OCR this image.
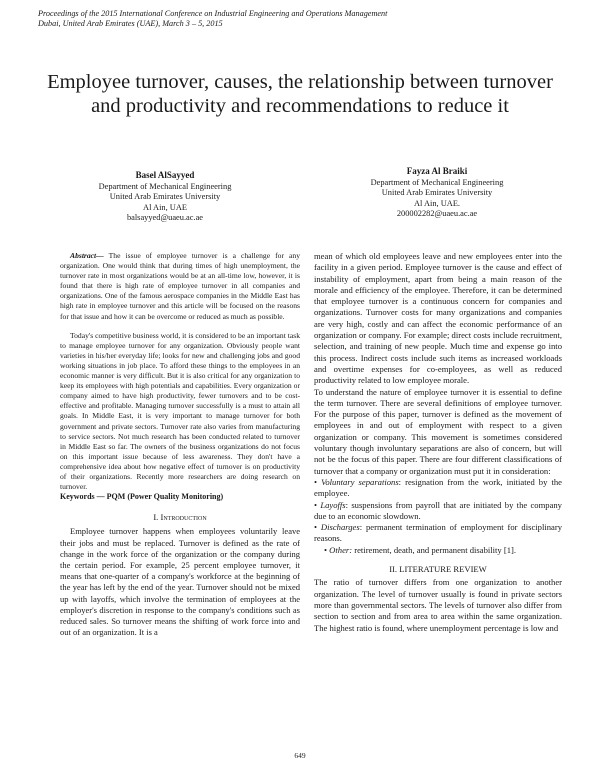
Proceedings of the 2015 International Conference on Industrial Engineering and Operations Management
Dubai, United Arab Emirates (UAE), March 3 – 5, 2015
Employee turnover, causes, the relationship between turnover and productivity and recommendations to reduce it
Basel AlSayyed
Department of Mechanical Engineering
United Arab Emirates University
Al Ain, UAE
balsayyed@uaeu.ac.ae
Fayza Al Braiki
Department of Mechanical Engineering
United Arab Emirates University
Al Ain, UAE.
200002282@uaeu.ac.ae

Abstract— The issue of employee turnover is a challenge for any organization. One would think that during times of high unemployment, the turnover rate in most organizations would be at an all-time low, however, it is found that there is high rate of employee turnover in all companies and organizations. One of the famous aerospace companies in the Middle East has high rate in employee turnover and this article will be focused on the reasons for that issue and how it can be overcome or reduced as much as possible.

Today's competitive business world, it is considered to be an important task to manage employee turnover for any organization. Obviously people want varieties in his/her everyday life; looks for new and challenging jobs and good working situations in job place. To afford these things to the employees in an economic manner is very difficult. But it is also critical for any organization to keep its employees with high potentials and capabilities. Every organization or company aimed to have high productivity, fewer turnovers and to be cost-effective and profitable. Managing turnover successfully is a must to attain all goals. In Middle East, it is very important to manage turnover for both government and private sectors. Turnover rate also varies from manufacturing to service sectors. Not much research has been conducted related to turnover in Middle East so far. The owners of the business organizations do not focus on this important issue because of less awareness. They don't have a comprehensive idea about how negative effect of turnover is on productivity of their organizations. Recently more researchers are doing research on turnover.

Keywords — PQM (Power Quality Monitoring)

I. Introduction

Employee turnover happens when employees voluntarily leave their jobs and must be replaced. Turnover is defined as the rate of change in the work force of the organization or the company during the certain period. For example, 25 percent employee turnover, it means that one-quarter of a company's workforce at the beginning of the year has left by the end of the year. Turnover should not be mixed up with layoffs, which involve the termination of employees at the employer's discretion in response to the company's conditions such as reduced sales. So turnover means the shifting of work force into and out of an organization. It is a

mean of which old employees leave and new employees enter into the facility in a given period. Employee turnover is the cause and effect of instability of employment, apart from being a main reason of the morale and efficiency of the employee. Therefore, it can be determined that employee turnover is a continuous concern for companies and organizations. Turnover costs for many organizations and companies are very high, costly and can affect the economic performance of an organization or company. For example; direct costs include recruitment, selection, and training of new people. Much time and expense go into this process. Indirect costs include such items as increased workloads and overtime expenses for co-employees, as well as reduced productivity related to low employee morale.

To understand the nature of employee turnover it is essential to define the term turnover. There are several definitions of employee turnover. For the purpose of this paper, turnover is defined as the movement of employees in and out of employment with respect to a given organization or company. This movement is sometimes considered voluntary though involuntary separations are also of concern, but will not be the focus of this paper. There are four different classifications of turnover that a company or organization must put it in consideration:

• Voluntary separations: resignation from the work, initiated by the employee.

• Layoffs: suspensions from payroll that are initiated by the company due to an economic slowdown.

• Discharges: permanent termination of employment for disciplinary reasons.

• Other: retirement, death, and permanent disability [1].

II. LITERATURE REVIEW

The ratio of turnover differs from one organization to another organization. The level of turnover usually is found in private sectors more than governmental sectors. The levels of turnover also differ from section to section and from area to area within the same organization. The highest ratio is found, where unemployment percentage is low and

649
